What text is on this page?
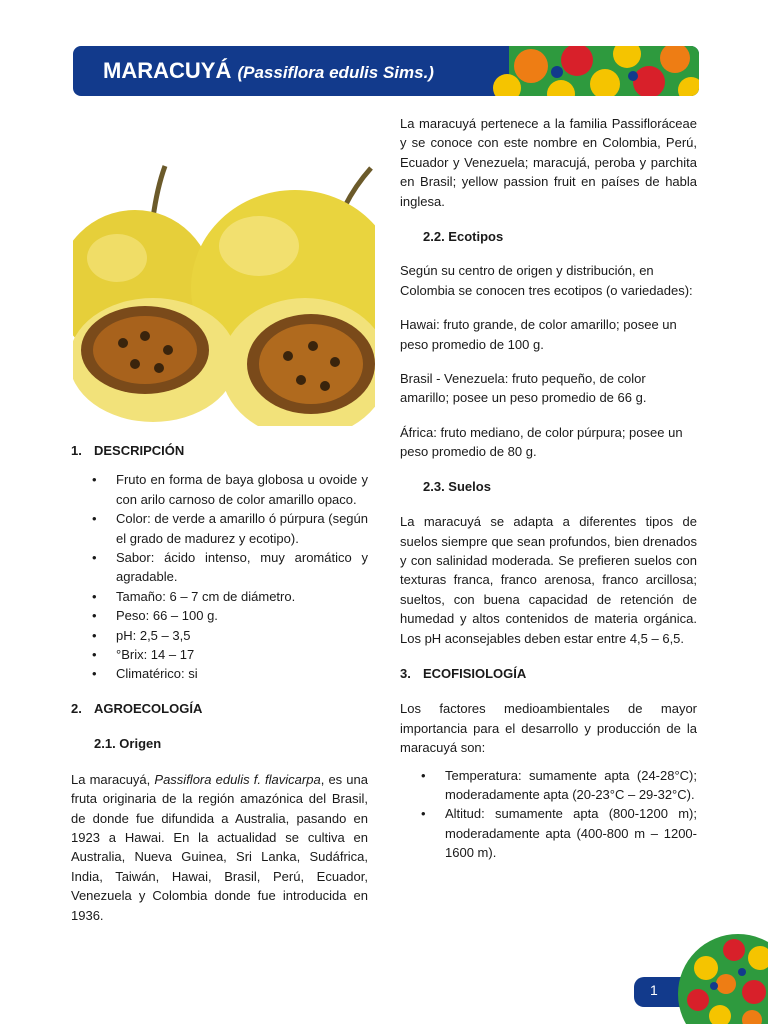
MARACUYÁ (Passiflora edulis Sims.)

1. DESCRIPCIÓN

• Fruto en forma de baya globosa u ovoide y con arilo carnoso de color amarillo opaco.
• Color: de verde a amarillo ó púrpura (según el grado de madurez y ecotipo).
• Sabor: ácido intenso, muy aromático y agradable.
• Tamaño: 6 – 7 cm de diámetro.
• Peso: 66 – 100 g.
• pH: 2,5 – 3,5
• °Brix: 14 – 17
• Climatérico: si

2. AGROECOLOGÍA

2.1. Origen

La maracuyá, Passiflora edulis f. flavicarpa, es una fruta originaria de la región amazónica del Brasil, de donde fue difundida a Australia, pasando en 1923 a Hawai. En la actualidad se cultiva en Australia, Nueva Guinea, Sri Lanka, Sudáfrica, India, Taiwán, Hawai, Brasil, Perú, Ecuador, Venezuela y Colombia donde fue introducida en 1936.

La maracuyá pertenece a la familia Passifloráceae y se conoce con este nombre en Colombia, Perú, Ecuador y Venezuela; maracujá, peroba y parchita en Brasil; yellow passion fruit en países de habla inglesa.

2.2. Ecotipos

Según su centro de origen y distribución, en Colombia se conocen tres ecotipos (o variedades):

Hawai: fruto grande, de color amarillo; posee un peso promedio de 100 g.

Brasil - Venezuela: fruto pequeño, de color amarillo; posee un peso promedio de 66 g.

África: fruto mediano, de color púrpura; posee un peso promedio de 80 g.

2.3. Suelos

La maracuyá se adapta a diferentes tipos de suelos siempre que sean profundos, bien drenados y con salinidad moderada. Se prefieren suelos con texturas franca, franco arenosa, franco arcillosa; sueltos, con buena capacidad de retención de humedad y altos contenidos de materia orgánica. Los pH aconsejables deben estar entre 4,5 – 6,5.

3. ECOFISIOLOGÍA

Los factores medioambientales de mayor importancia para el desarrollo y producción de la maracuyá son:

• Temperatura: sumamente apta (24-28°C); moderadamente apta (20-23°C – 29-32°C).
• Altitud: sumamente apta (800-1200 m); moderadamente apta (400-800 m – 1200-1600 m).
1
